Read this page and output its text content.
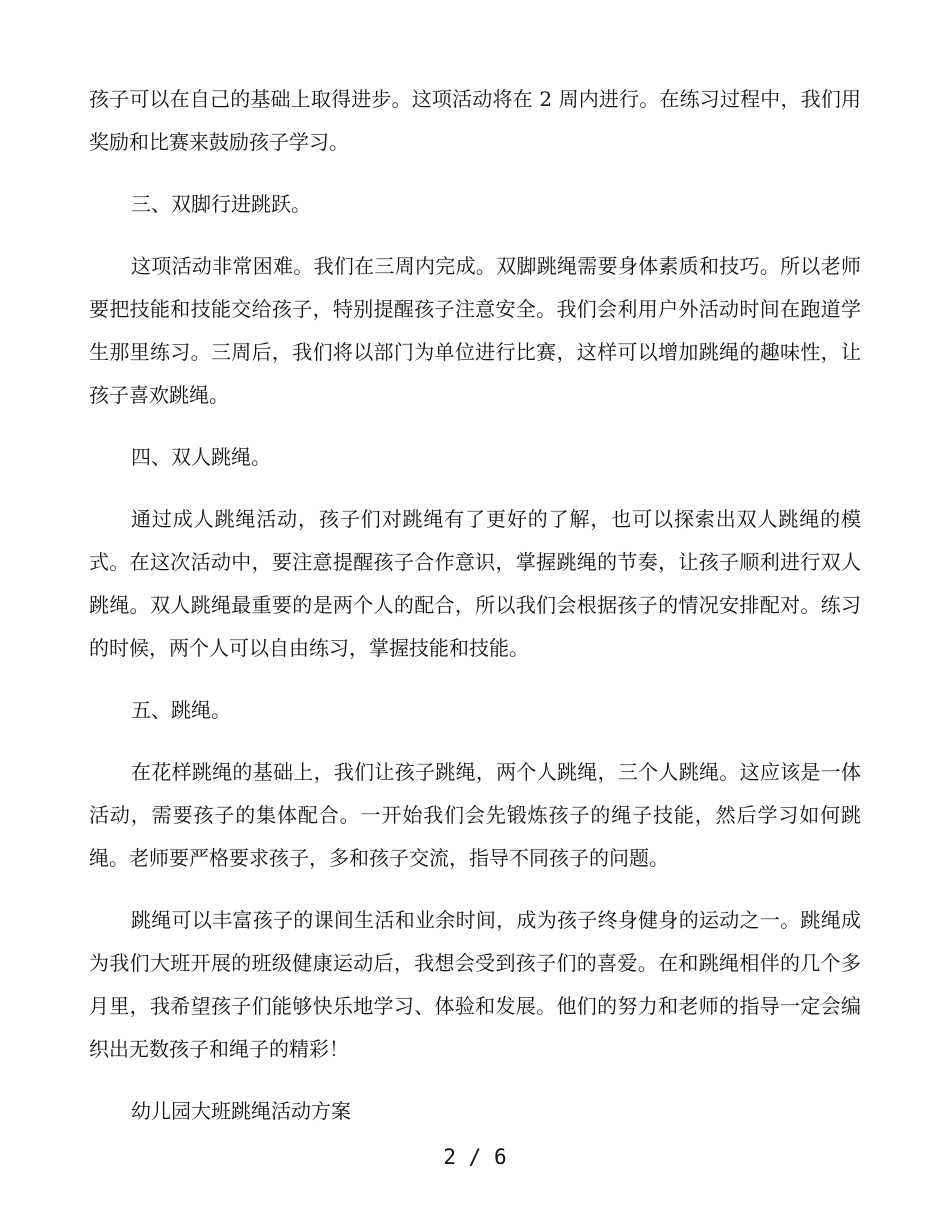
孩子可以在自己的基础上取得进步。这项活动将在 2 周内进行。在练习过程中，我们用奖励和比赛来鼓励孩子学习。

三、双脚行进跳跃。

这项活动非常困难。我们在三周内完成。双脚跳绳需要身体素质和技巧。所以老师要把技能和技能交给孩子，特别提醒孩子注意安全。我们会利用户外活动时间在跑道学生那里练习。三周后，我们将以部门为单位进行比赛，这样可以增加跳绳的趣味性，让孩子喜欢跳绳。

四、双人跳绳。

通过成人跳绳活动，孩子们对跳绳有了更好的了解，也可以探索出双人跳绳的模式。在这次活动中，要注意提醒孩子合作意识，掌握跳绳的节奏，让孩子顺利进行双人跳绳。双人跳绳最重要的是两个人的配合，所以我们会根据孩子的情况安排配对。练习的时候，两个人可以自由练习，掌握技能和技能。

五、跳绳。

在花样跳绳的基础上，我们让孩子跳绳，两个人跳绳，三个人跳绳。这应该是一体活动，需要孩子的集体配合。一开始我们会先锻炼孩子的绳子技能，然后学习如何跳绳。老师要严格要求孩子，多和孩子交流，指导不同孩子的问题。

跳绳可以丰富孩子的课间生活和业余时间，成为孩子终身健身的运动之一。跳绳成为我们大班开展的班级健康运动后，我想会受到孩子们的喜爱。在和跳绳相伴的几个多月里，我希望孩子们能够快乐地学习、体验和发展。他们的努力和老师的指导一定会编织出无数孩子和绳子的精彩！

幼儿园大班跳绳活动方案

2 / 6
